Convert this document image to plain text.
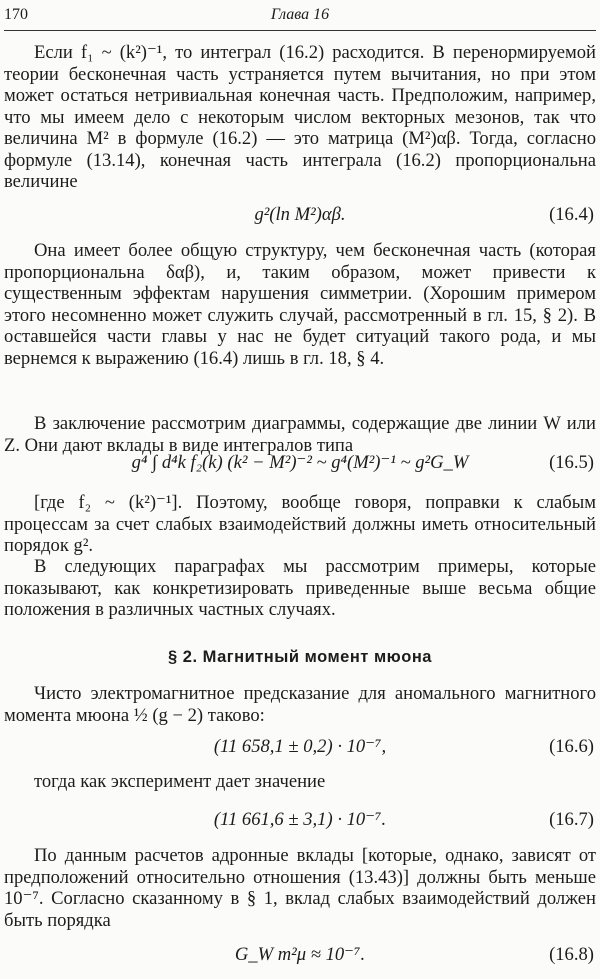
170	Глава 16

Если f₁ ~ (k²)⁻¹, то интеграл (16.2) расходится. В перенормируемой теории бесконечная часть устраняется путем вычитания, но при этом может остаться нетривиальная конечная часть. Предположим, например, что мы имеем дело с некоторым числом векторных мезонов, так что величина M² в формуле (16.2) — это матрица (M²)αβ. Тогда, согласно формуле (13.14), конечная часть интеграла (16.2) пропорциональна величине

g²(ln M²)αβ.	(16.4)

Она имеет более общую структуру, чем бесконечная часть (которая пропорциональна δαβ), и, таким образом, может привести к существенным эффектам нарушения симметрии. (Хорошим примером этого несомненно может служить случай, рассмотренный в гл. 15, § 2). В оставшейся части главы у нас не будет ситуаций такого рода, и мы вернемся к выражению (16.4) лишь в гл. 18, § 4.

В заключение рассмотрим диаграммы, содержащие две линии W или Z. Они дают вклады в виде интегралов типа

g⁴ ∫ d⁴k f₂(k) (k² − M²)⁻² ~ g⁴(M²)⁻¹ ~ g²G_W	(16.5)

[где f₂ ~ (k²)⁻¹]. Поэтому, вообще говоря, поправки к слабым процессам за счет слабых взаимодействий должны иметь относительный порядок g².

В следующих параграфах мы рассмотрим примеры, которые показывают, как конкретизировать приведенные выше весьма общие положения в различных частных случаях.

§ 2. Магнитный момент мюона

Чисто электромагнитное предсказание для аномального магнитного момента мюона ½ (g − 2) таково:

(11 658,1 ± 0,2) · 10⁻⁷,	(16.6)

тогда как эксперимент дает значение

(11 661,6 ± 3,1) · 10⁻⁷.	(16.7)

По данным расчетов адронные вклады [которые, однако, зависят от предположений относительно отношения (13.43)] должны быть меньше 10⁻⁷. Согласно сказанному в § 1, вклад слабых взаимодействий должен быть порядка

G_W m²μ ≈ 10⁻⁷.	(16.8)
